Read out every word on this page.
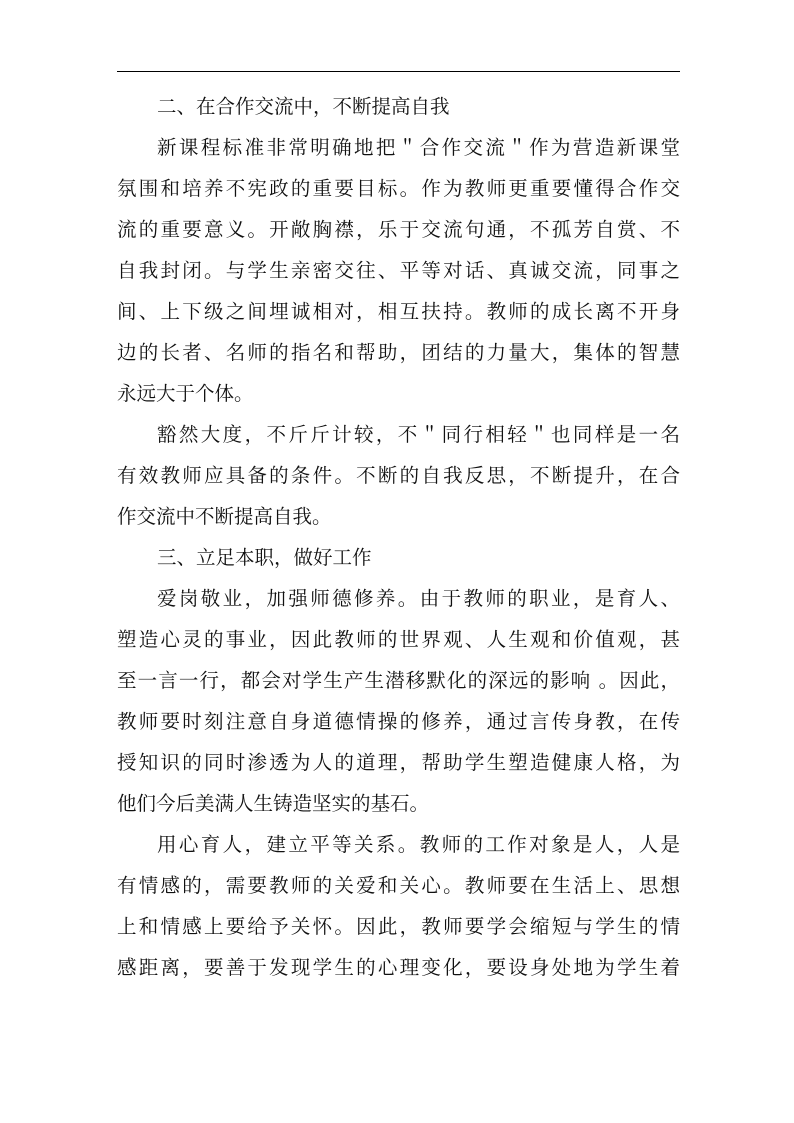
二、在合作交流中，不断提高自我
新课程标准非常明确地把＂合作交流＂作为营造新课堂
氛围和培养不宪政的重要目标。作为教师更重要懂得合作交
流的重要意义。开敞胸襟，乐于交流句通，不孤芳自赏、不
自我封闭。与学生亲密交往、平等对话、真诚交流，同事之
间、上下级之间埋诚相对，相互扶持。教师的成长离不开身
边的长者、名师的指名和帮助，团结的力量大，集体的智慧
永远大于个体。
豁然大度，不斤斤计较，不＂同行相轻＂也同样是一名
有效教师应具备的条件。不断的自我反思，不断提升，在合
作交流中不断提高自我。
三、立足本职，做好工作
爱岗敬业，加强师德修养。由于教师的职业，是育人、
塑造心灵的事业，因此教师的世界观、人生观和价值观，甚
至一言一行，都会对学生产生潜移默化的深远的影响 。因此，
教师要时刻注意自身道德情操的修养，通过言传身教，在传
授知识的同时渗透为人的道理，帮助学生塑造健康人格，为
他们今后美满人生铸造坚实的基石。
用心育人，建立平等关系。教师的工作对象是人，人是
有情感的，需要教师的关爱和关心。教师要在生活上、思想
上和情感上要给予关怀。因此，教师要学会缩短与学生的情
感距离，要善于发现学生的心理变化，要设身处地为学生着
